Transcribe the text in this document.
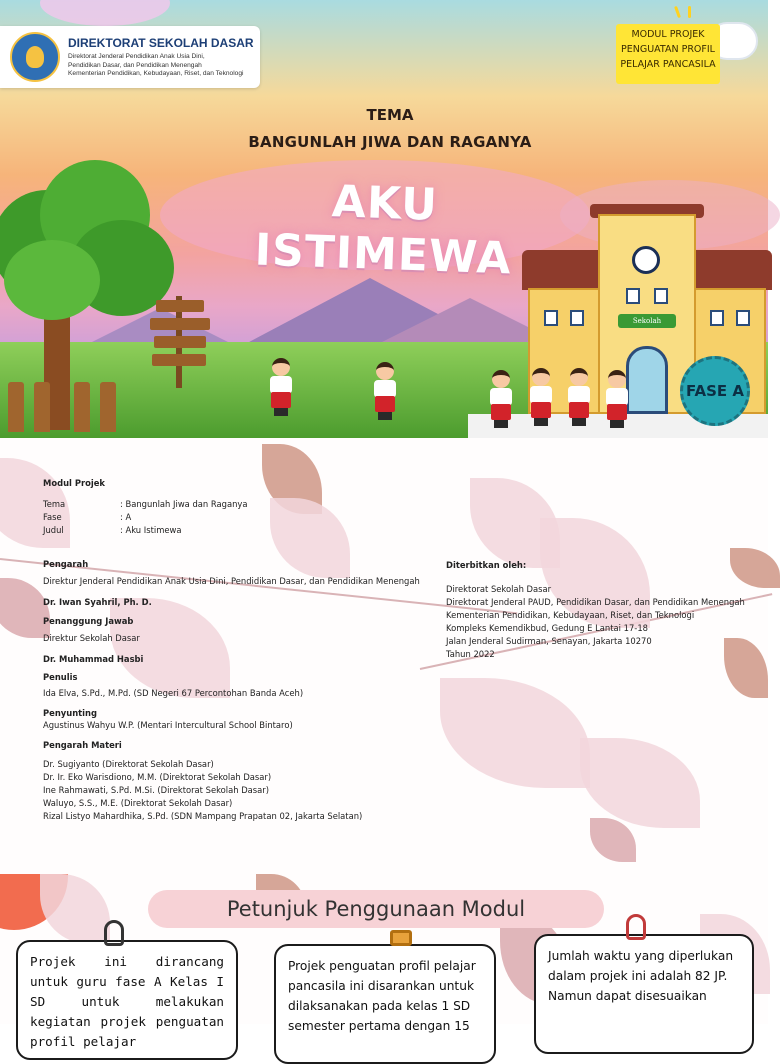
DIREKTORAT SEKOLAH DASAR
Direktorat Jenderal Pendidikan Anak Usia Dini,
Pendidikan Dasar, dan Pendidikan Menengah
Kementerian Pendidikan, Kebudayaan, Riset, dan Teknologi
MODUL PROJEK
PENGUATAN PROFIL
PELAJAR PANCASILA
TEMA
BANGUNLAH JIWA DAN RAGANYA
AKU ISTIMEWA
Sekolah
FASE A
Modul Projek
Tema	: Bangunlah Jiwa dan Raganya
Fase	: A
Judul	: Aku Istimewa
Pengarah
Direktur Jenderal Pendidikan Anak Usia Dini, Pendidikan Dasar, dan Pendidikan Menengah
Dr. Iwan Syahril, Ph. D.
Penanggung Jawab
Direktur Sekolah Dasar
Dr. Muhammad Hasbi
Penulis
Ida Elva, S.Pd., M.Pd. (SD Negeri 67 Percontohan Banda Aceh)
Penyunting
Agustinus Wahyu W.P. (Mentari Intercultural School Bintaro)
Pengarah Materi
Dr. Sugiyanto (Direktorat Sekolah Dasar)
Dr. Ir. Eko Warisdiono, M.M. (Direktorat Sekolah Dasar)
Ine Rahmawati, S.Pd. M.Si. (Direktorat Sekolah Dasar)
Waluyo, S.S., M.E. (Direktorat Sekolah Dasar)
Rizal Listyo Mahardhika, S.Pd. (SDN Mampang Prapatan 02, Jakarta Selatan)
Diterbitkan oleh:
Direktorat Sekolah Dasar
Direktorat Jenderal PAUD, Pendidikan Dasar, dan Pendidikan Menengah
Kementerian Pendidikan, Kebudayaan, Riset, dan Teknologi
Kompleks Kemendikbud, Gedung E Lantai 17-18
Jalan Jenderal Sudirman, Senayan, Jakarta 10270
Tahun 2022
Petunjuk Penggunaan Modul
Projek ini dirancang untuk guru fase A Kelas I SD untuk melakukan kegiatan projek penguatan profil pelajar
Projek penguatan profil pelajar pancasila ini disarankan untuk dilaksanakan pada kelas 1 SD semester pertama dengan 15
Jumlah waktu yang diperlukan dalam projek ini adalah 82 JP. Namun dapat disesuaikan
